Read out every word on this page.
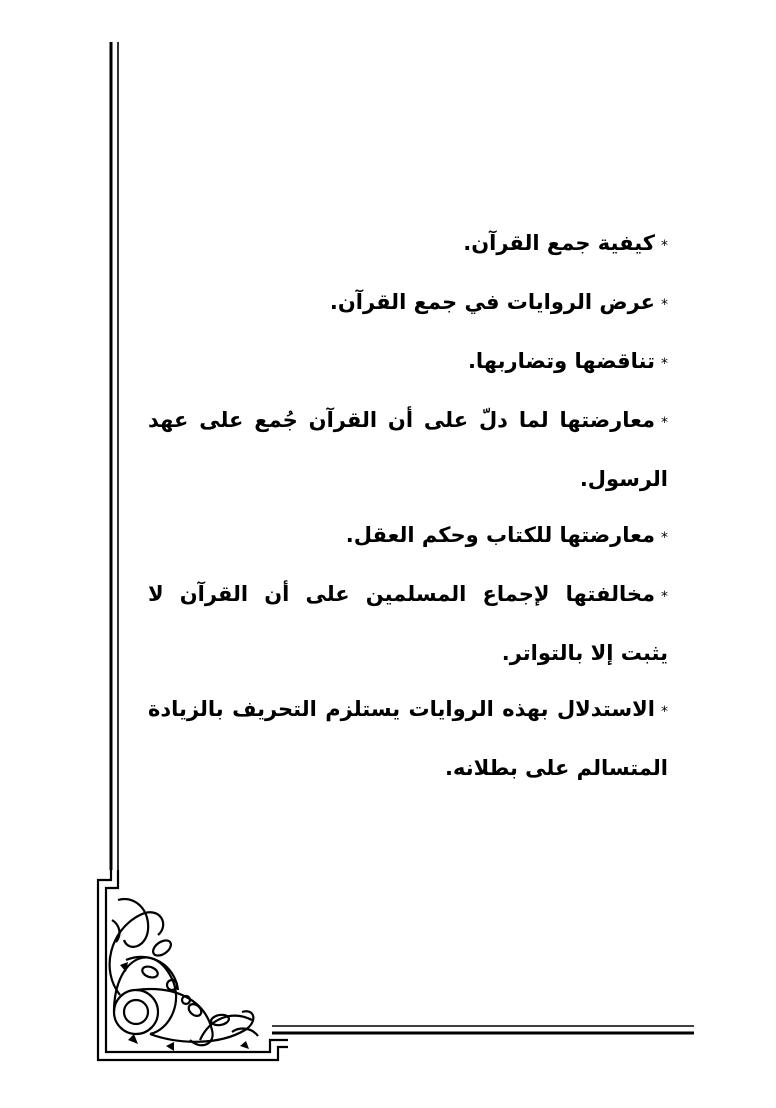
*كيفية جمع القرآن.

*عرض الروايات في جمع القرآن.

*تناقضها وتضاربها.

*معارضتها لما دلّ على أن القرآن جُمع على عهد الرسول.

*معارضتها للكتاب وحكم العقل.

*مخالفتها لإجماع المسلمين على أن القرآن لا يثبت إلا بالتواتر.

*الاستدلال بهذه الروايات يستلزم التحريف بالزيادة المتسالم على بطلانه.
